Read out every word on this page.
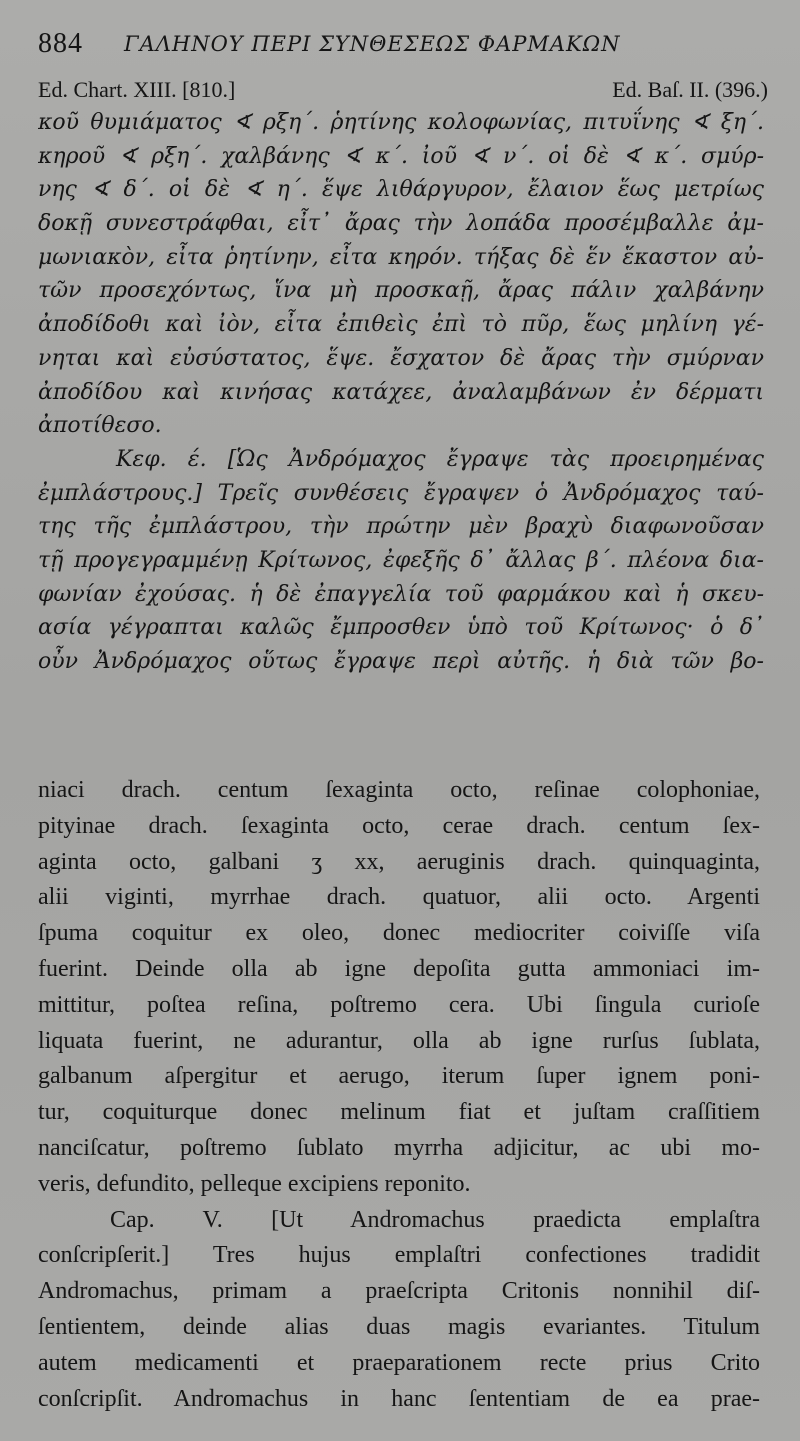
884 ΓΑΛΗΝΟΥ ΠΕΡΙ ΣΥΝΘΕΣΕΩΣ ΦΑΡΜΑΚΩΝ
Ed. Chart. XIII. [810.]	Ed. Baſ. II. (396.)
κοῦ θυμιάματος ∢ ρξη΄. ῥητίνης κολοφωνίας, πιτυΐνης ∢ ξη΄.
κηροῦ ∢ ρξη΄. χαλβάνης ∢ κ΄. ἰοῦ ∢ ν΄. οἱ δὲ ∢ κ΄. σμύρ-
νης ∢ δ΄. οἱ δὲ ∢ η΄. ἕψε λιθάργυρον, ἔλαιον ἕως μετρίως
δοκῇ συνεστράφθαι, εἶτ᾽ ἄρας τὴν λοπάδα προσέμβαλλε ἀμ-
μωνιακὸν, εἶτα ῥητίνην, εἶτα κηρόν. τήξας δὲ ἕν ἕκαστον αὐ-
τῶν προσεχόντως, ἵνα μὴ προσκαῇ, ἄρας πάλιν χαλβάνην
ἀποδίδοθι καὶ ἰὸν, εἶτα ἐπιθεὶς ἐπὶ τὸ πῦρ, ἕως μηλίνη γέ-
νηται καὶ εὐσύστατος, ἕψε. ἔσχατον δὲ ἄρας τὴν σμύρναν
ἀποδίδου καὶ κινήσας κατάχεε, ἀναλαμβάνων ἐν δέρματι
ἀποτίθεσο.
Κεφ. έ. [Ὡς Ἀνδρόμαχος ἔγραψε τὰς προειρημένας
ἐμπλάστρους.] Τρεῖς συνθέσεις ἔγραψεν ὁ Ἀνδρόμαχος ταύ-
της τῆς ἐμπλάστρου, τὴν πρώτην μὲν βραχὺ διαφωνοῦσαν
τῇ προγεγραμμένῃ Κρίτωνος, ἐφεξῆς δ᾽ ἄλλας β΄. πλέονα δια-
φωνίαν ἐχούσας. ἡ δὲ ἐπαγγελία τοῦ φαρμάκου καὶ ἡ σκευ-
ασία γέγραπται καλῶς ἔμπροσθεν ὑπὸ τοῦ Κρίτωνος· ὁ δ᾽
οὖν Ἀνδρόμαχος οὕτως ἔγραψε περὶ αὐτῆς. ἡ διὰ τῶν βο-
niaci drach. centum ſexaginta octo, reſinae colophoniae,
pityinae drach. ſexaginta octo, cerae drach. centum ſex-
aginta octo, galbani ʒ xx, aeruginis drach. quinquaginta,
alii viginti, myrrhae drach. quatuor, alii octo. Argenti
ſpuma coquitur ex oleo, donec mediocriter coiviſſe viſa
fuerint. Deinde olla ab igne depoſita gutta ammoniaci im-
mittitur, poſtea reſina, poſtremo cera. Ubi ſingula curioſe
liquata fuerint, ne adurantur, olla ab igne rurſus ſublata,
galbanum aſpergitur et aerugo, iterum ſuper ignem poni-
tur, coquiturque donec melinum fiat et juſtam craſſitiem
nanciſcatur, poſtremo ſublato myrrha adjicitur, ac ubi mo-
veris, defundito, pelleque excipiens reponito.
Cap. V. [Ut Andromachus praedicta emplaſtra
conſcripſerit.] Tres hujus emplaſtri confectiones tradidit
Andromachus, primam a praeſcripta Critonis nonnihil diſ-
ſentientem, deinde alias duas magis evariantes. Titulum
autem medicamenti et praeparationem recte prius Crito
conſcripſit. Andromachus in hanc ſententiam de ea prae-
